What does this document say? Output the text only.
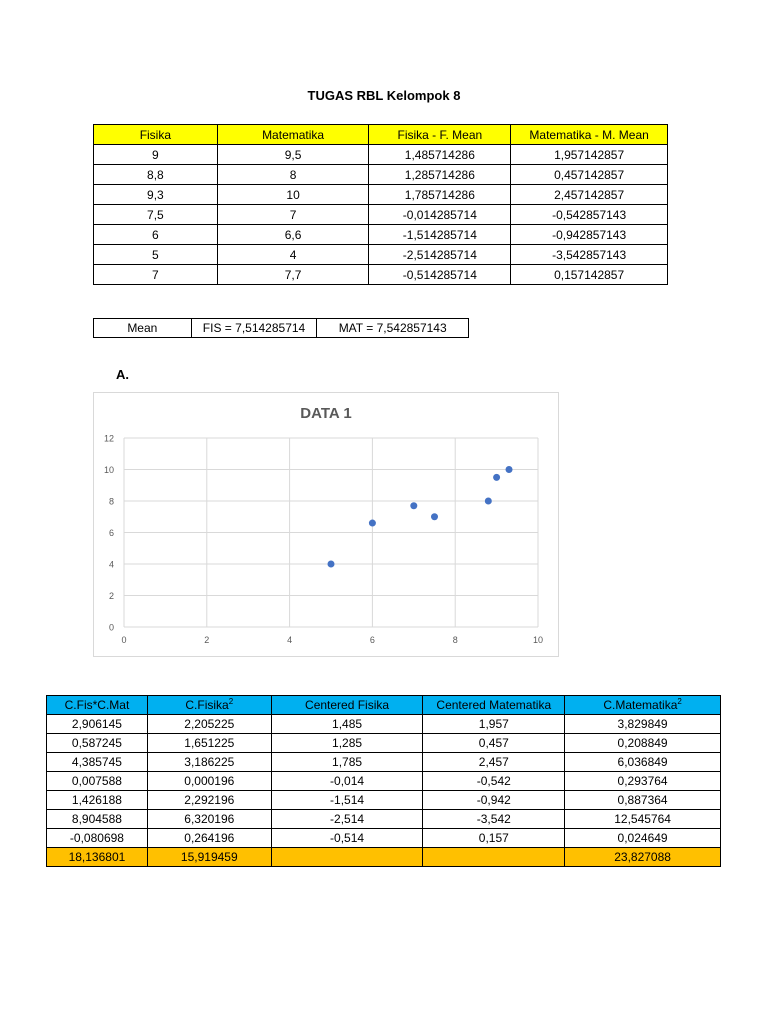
TUGAS RBL Kelompok 8
Fisika	Matematika	Fisika - F. Mean	Matematika - M. Mean
9	9,5	1,485714286	1,957142857
8,8	8	1,285714286	0,457142857
9,3	10	1,785714286	2,457142857
7,5	7	-0,014285714	-0,542857143
6	6,6	-1,514285714	-0,942857143
5	4	-2,514285714	-3,542857143
7	7,7	-0,514285714	0,157142857
Mean	FIS = 7,514285714	MAT = 7,542857143
A.
DATA 1
0
2
4
6
8
10
12
0	2	4	6	8	10
C.Fis*C.Mat	C.Fisika$^2$	Centered Fisika	Centered Matematika	C.Matematika$^2$
2,906145	2,205225	1,485	1,957	3,829849
0,587245	1,651225	1,285	0,457	0,208849
4,385745	3,186225	1,785	2,457	6,036849
0,007588	0,000196	-0,014	-0,542	0,293764
1,426188	2,292196	-1,514	-0,942	0,887364
8,904588	6,320196	-2,514	-3,542	12,545764
-0,080698	0,264196	-0,514	0,157	0,024649
18,136801	15,919459			23,827088
